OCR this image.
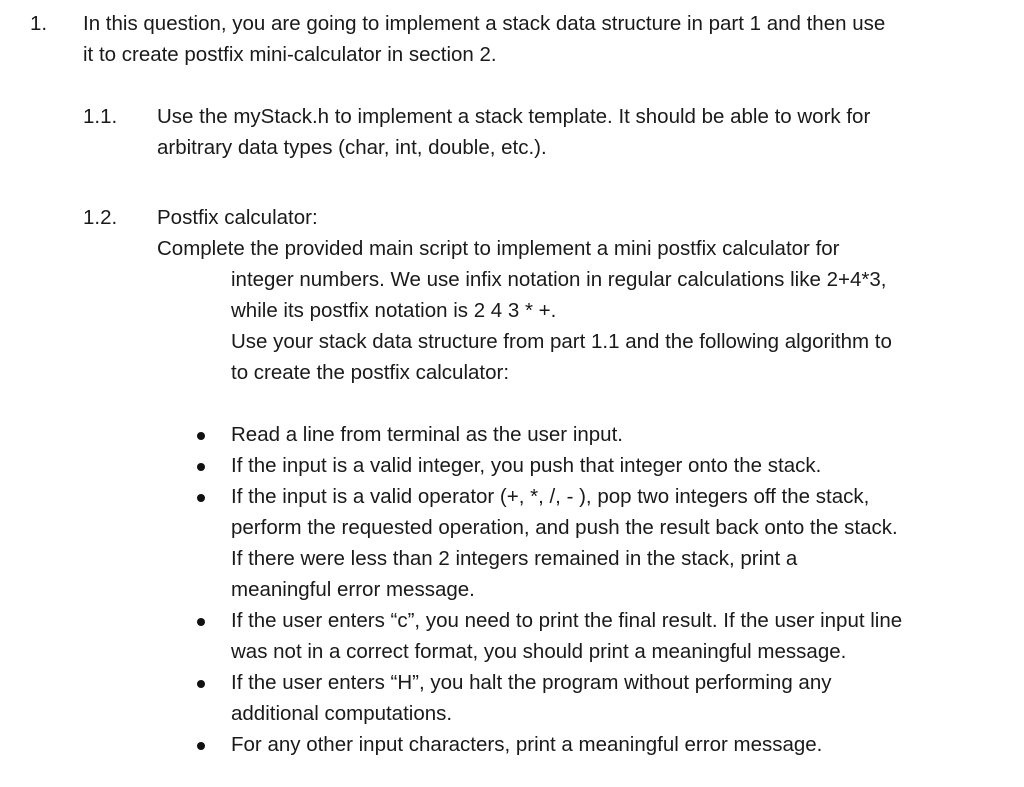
1. In this question, you are going to implement a stack data structure in part 1 and then use
it to create postfix mini-calculator in section 2.
1.1. Use the myStack.h to implement a stack template. It should be able to work for
arbitrary data types (char, int, double, etc.).
1.2. Postfix calculator:
Complete the provided main script to implement a mini postfix calculator for
integer numbers. We use infix notation in regular calculations like 2+4*3,
while its postfix notation is 2 4 3 * +.
Use your stack data structure from part 1.1 and the following algorithm to
to create the postfix calculator:
Read a line from terminal as the user input.
If the input is a valid integer, you push that integer onto the stack.
If the input is a valid operator (+, *, /, - ), pop two integers off the stack,
perform the requested operation, and push the result back onto the stack.
If there were less than 2 integers remained in the stack, print a
meaningful error message.
If the user enters “c”, you need to print the final result. If the user input line
was not in a correct format, you should print a meaningful message.
If the user enters “H”, you halt the program without performing any
additional computations.
For any other input characters, print a meaningful error message.
